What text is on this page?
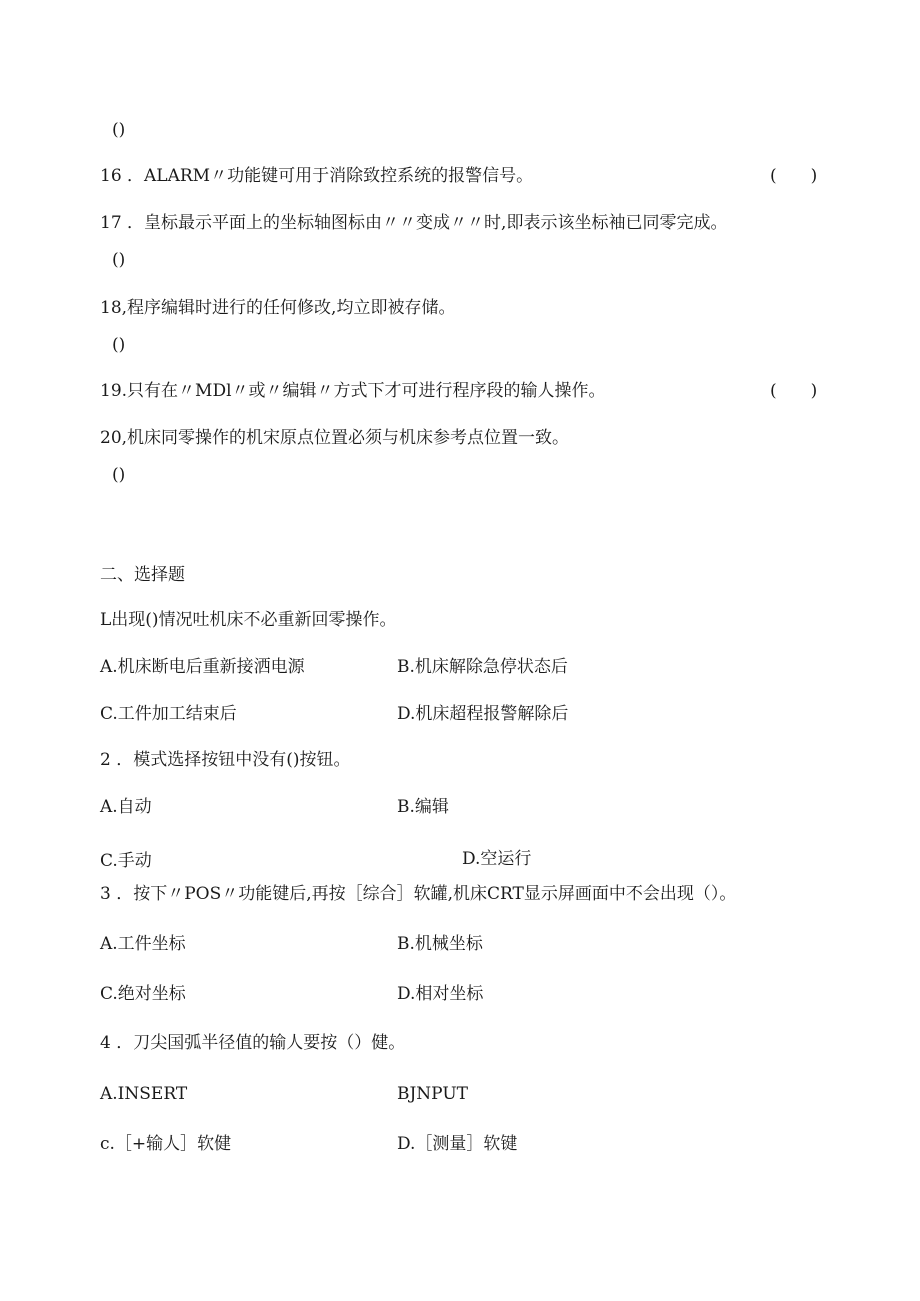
()
16 ．ALARM〃功能键可用于消除致控系统的报警信号。	(　　)
17 ．皇标最示平面上的坐标轴图标由〃〃变成〃〃时,即表示该坐标袖已同零完成。
()
18,程序编辑时进行的任何修改,均立即被存储。
()
19.只有在〃MDl〃或〃编辑〃方式下才可进行程序段的输人操作。	(　　)
20,机床同零操作的机宋原点位置必须与机床参考点位置一致。
()
二、选择题
L出现()情况吐机床不必重新回零操作。
A.机床断电后重新接洒电源	B.机床解除急停状态后
C.工件加工结束后	D.机床超程报警解除后
2 ．模式选择按钮中没有()按钮。
A.自动	B.编辑
C.手动	D.空运行
3 ．按下〃POS〃功能键后,再按［综合］软罐,机床CRT显示屏画面中不会出现（）。
A.工件坐标	B.机械坐标
C.绝对坐标	D.相对坐标
4 ．刀尖国弧半径值的输人要按（）健。
A.INSERT	BJNPUT
c.［+输人］软健	D.［测量］软键
